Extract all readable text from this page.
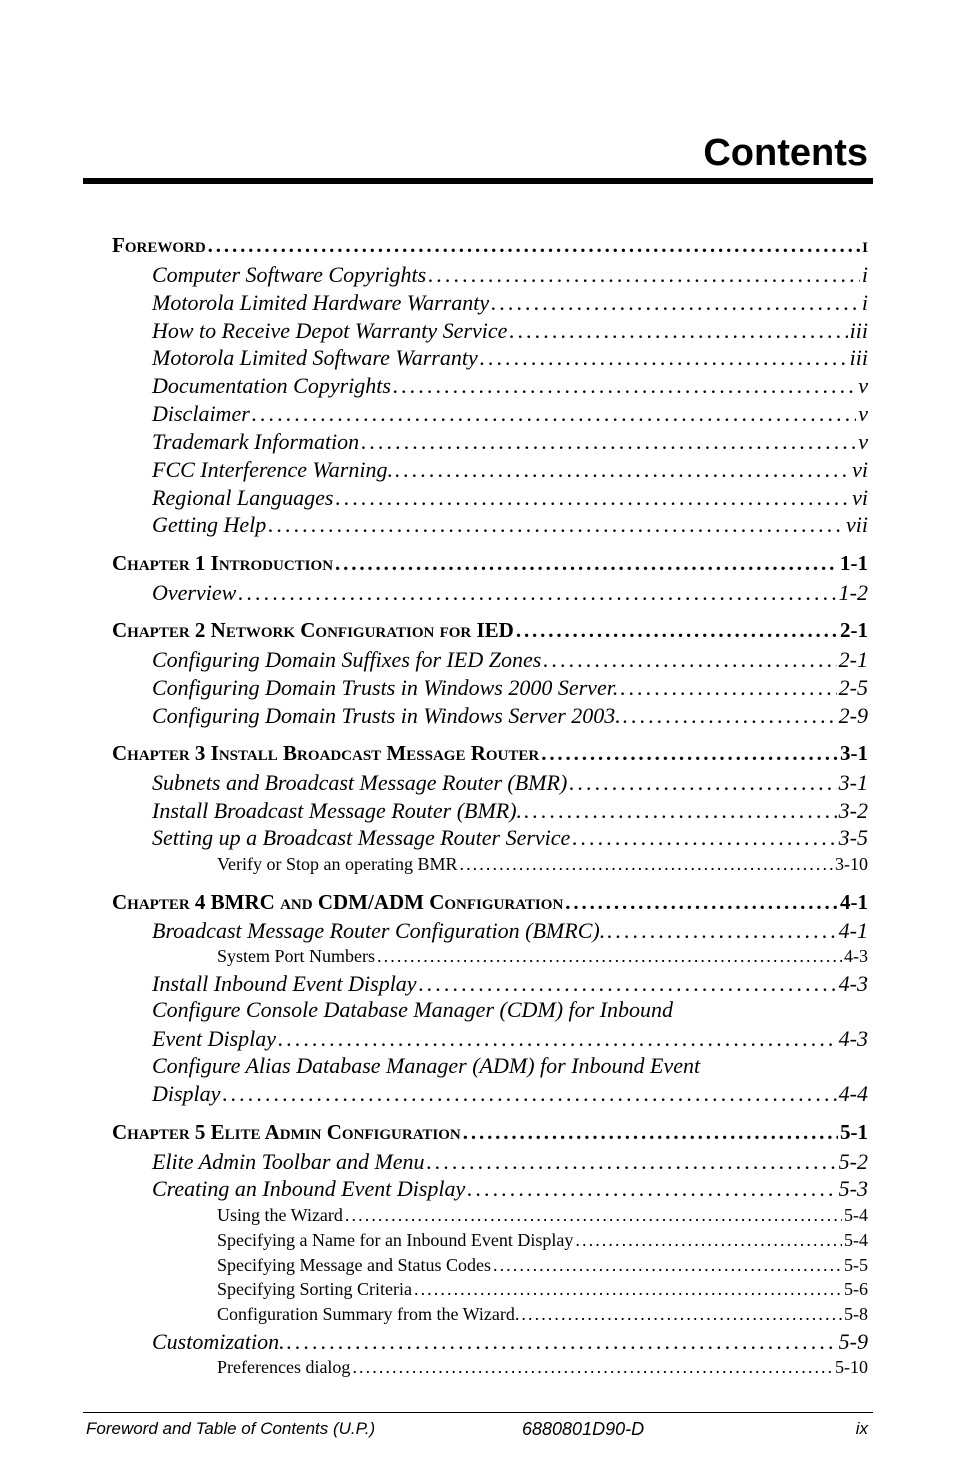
Contents
Foreword . . .	i
Computer Software Copyrights . . .	i
Motorola Limited Hardware Warranty . . .	i
How to Receive Depot Warranty Service . . .	iii
Motorola Limited Software Warranty . . .	iii
Documentation Copyrights . . .	v
Disclaimer . . .	v
Trademark Information . . .	v
FCC Interference Warning. . . .	vi
Regional Languages . . .	vi
Getting Help . . .	vii
Chapter 1 Introduction . . .	1-1
Overview . . .	1-2
Chapter 2 Network Configuration for IED . . .	2-1
Configuring Domain Suffixes for IED Zones . . .	2-1
Configuring Domain Trusts in Windows 2000 Server. . . .	2-5
Configuring Domain Trusts in Windows Server 2003. . . .	2-9
Chapter 3 Install Broadcast Message Router . . .	3-1
Subnets and Broadcast Message Router (BMR) . . .	3-1
Install Broadcast Message Router (BMR). . . .	3-2
Setting up a Broadcast Message Router Service . . .	3-5
Verify or Stop an operating BMR . . .	3-10
Chapter 4 BMRC and CDM/ADM Configuration . . .	4-1
Broadcast Message Router Configuration (BMRC). . . .	4-1
System Port Numbers . . .	4-3
Install Inbound Event Display . . .	4-3
Configure Console Database Manager (CDM) for Inbound
Event Display . . .	4-3
Configure Alias Database Manager (ADM) for Inbound Event
Display . . .	4-4
Chapter 5 Elite Admin Configuration . . .	5-1
Elite Admin Toolbar and Menu . . .	5-2
Creating an Inbound Event Display . . .	5-3
Using the Wizard . . .	5-4
Specifying a Name for an Inbound Event Display . . .	5-4
Specifying Message and Status Codes . . .	5-5
Specifying Sorting Criteria . . .	5-6
Configuration Summary from the Wizard. . . .	5-8
Customization. . . .	5-9
Preferences dialog . . .	5-10
Foreword and Table of Contents (U.P.)	6880801D90-D	ix
